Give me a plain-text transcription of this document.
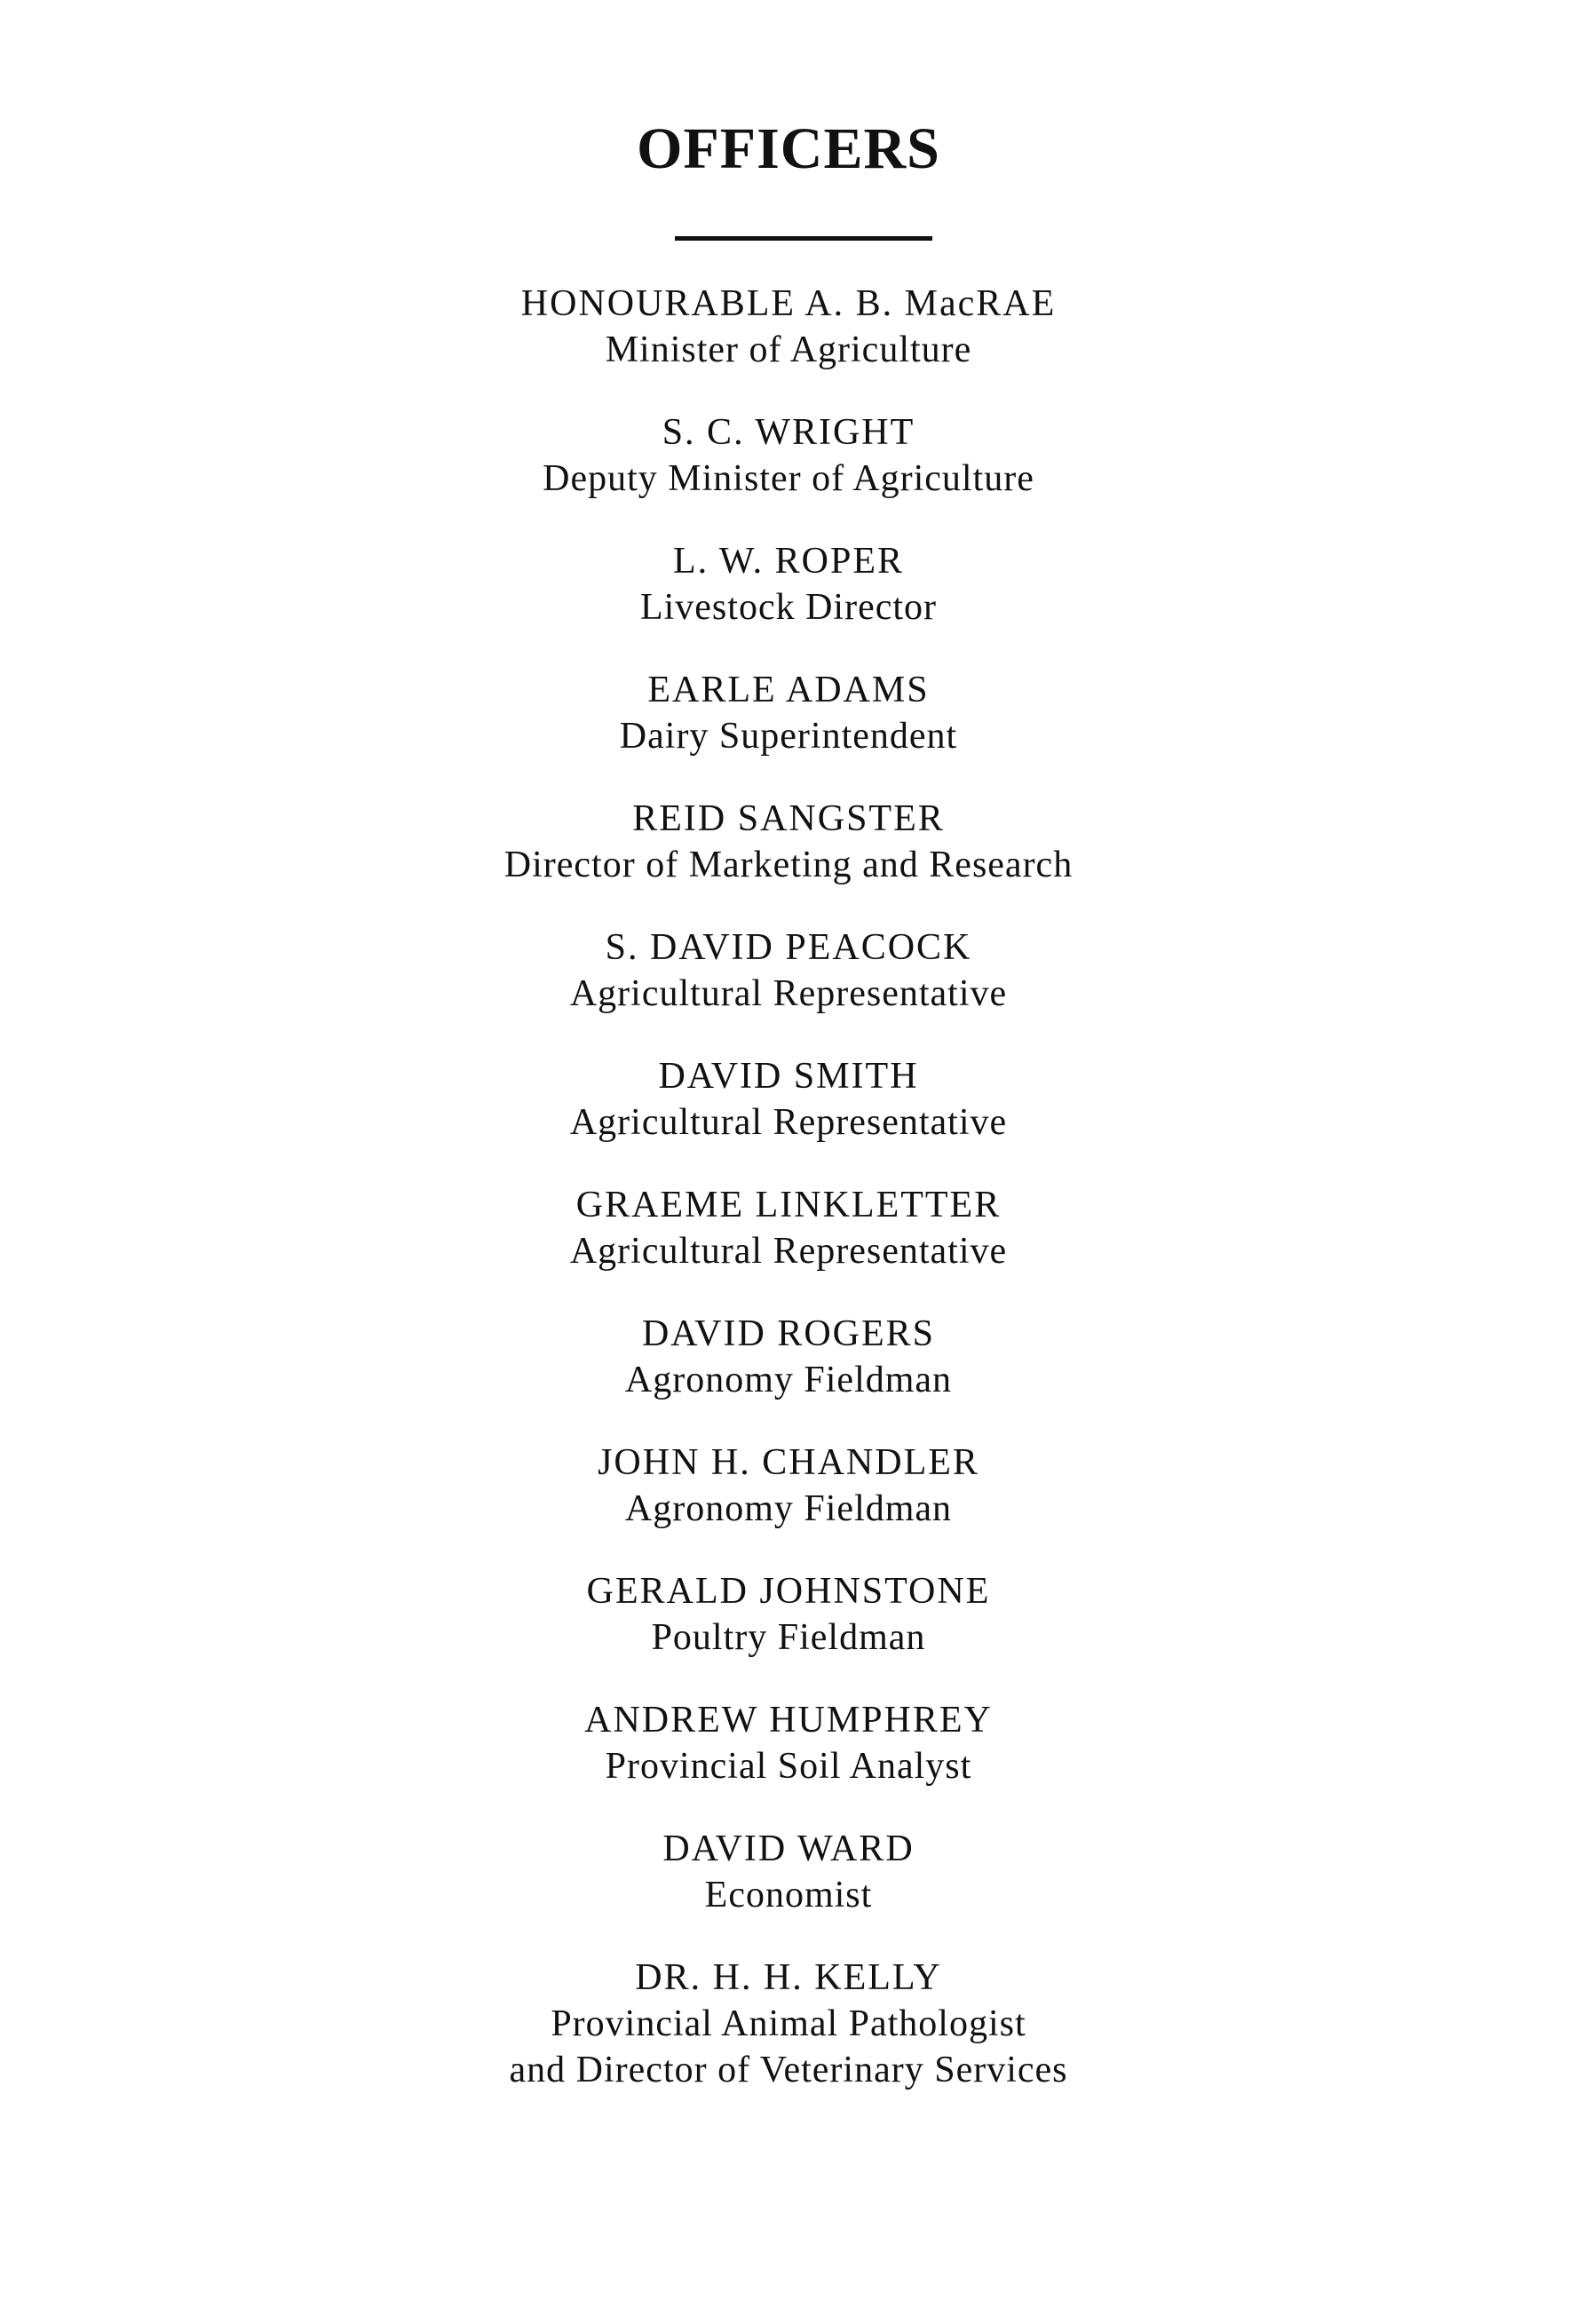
OFFICERS
HONOURABLE A. B. MacRAE
Minister of Agriculture
S. C. WRIGHT
Deputy Minister of Agriculture
L. W. ROPER
Livestock Director
EARLE ADAMS
Dairy Superintendent
REID SANGSTER
Director of Marketing and Research
S. DAVID PEACOCK
Agricultural Representative
DAVID SMITH
Agricultural Representative
GRAEME LINKLETTER
Agricultural Representative
DAVID ROGERS
Agronomy Fieldman
JOHN H. CHANDLER
Agronomy Fieldman
GERALD JOHNSTONE
Poultry Fieldman
ANDREW HUMPHREY
Provincial Soil Analyst
DAVID WARD
Economist
DR. H. H. KELLY
Provincial Animal Pathologist
and Director of Veterinary Services
